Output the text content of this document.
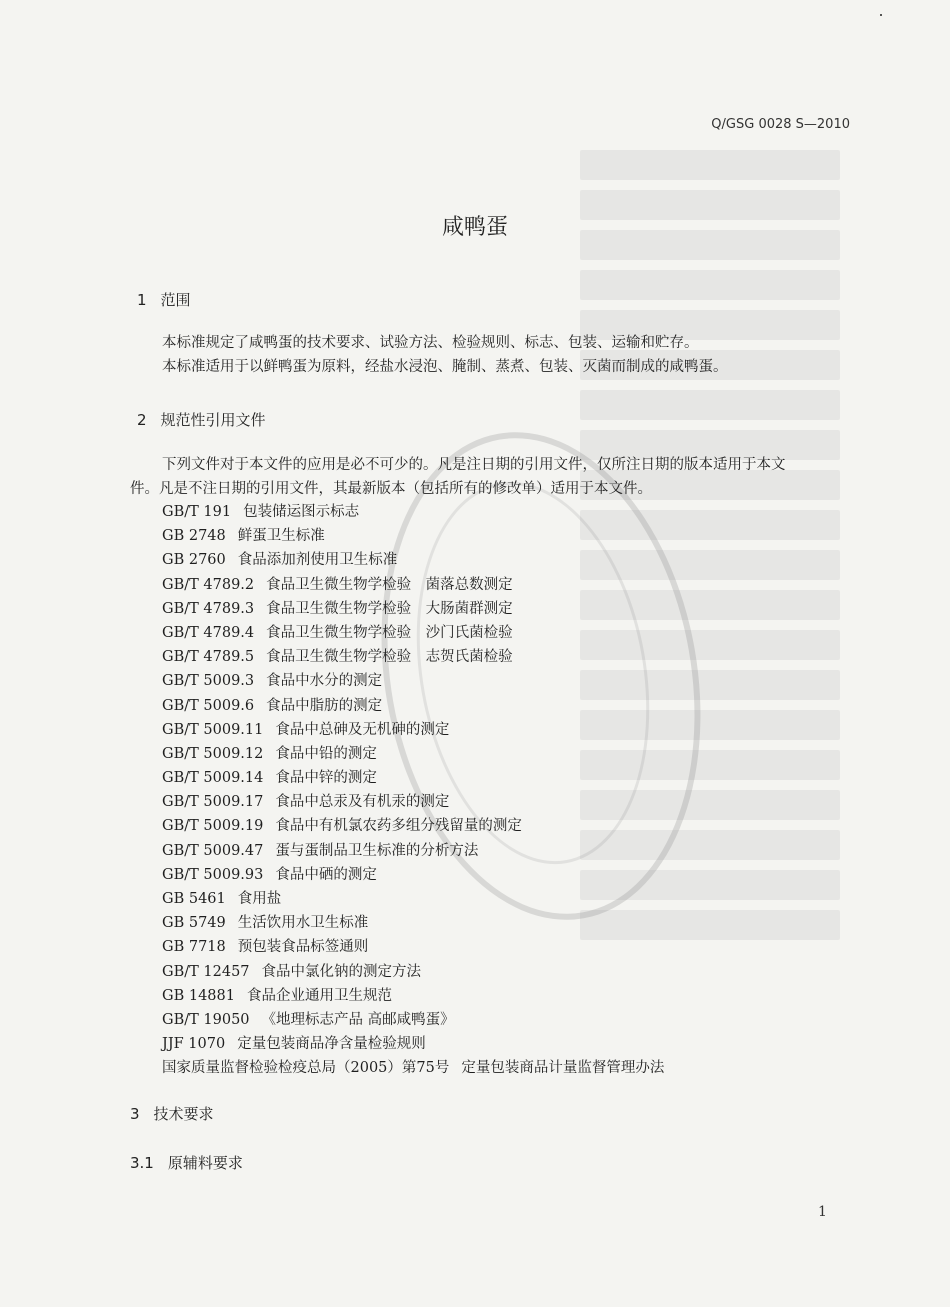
Q/GSG 0028 S—2010
咸鸭蛋
1 范围
本标准规定了咸鸭蛋的技术要求、试验方法、检验规则、标志、包装、运输和贮存。
本标准适用于以鲜鸭蛋为原料，经盐水浸泡、腌制、蒸煮、包装、灭菌而制成的咸鸭蛋。
2 规范性引用文件
下列文件对于本文件的应用是必不可少的。凡是注日期的引用文件，仅所注日期的版本适用于本文
件。凡是不注日期的引用文件，其最新版本（包括所有的修改单）适用于本文件。
GB/T 191 包装储运图示标志
GB 2748 鲜蛋卫生标准
GB 2760 食品添加剂使用卫生标准
GB/T 4789.2 食品卫生微生物学检验　菌落总数测定
GB/T 4789.3 食品卫生微生物学检验　大肠菌群测定
GB/T 4789.4 食品卫生微生物学检验　沙门氏菌检验
GB/T 4789.5 食品卫生微生物学检验　志贺氏菌检验
GB/T 5009.3 食品中水分的测定
GB/T 5009.6 食品中脂肪的测定
GB/T 5009.11 食品中总砷及无机砷的测定
GB/T 5009.12 食品中铅的测定
GB/T 5009.14 食品中锌的测定
GB/T 5009.17 食品中总汞及有机汞的测定
GB/T 5009.19 食品中有机氯农药多组分残留量的测定
GB/T 5009.47 蛋与蛋制品卫生标准的分析方法
GB/T 5009.93 食品中硒的测定
GB 5461 食用盐
GB 5749 生活饮用水卫生标准
GB 7718 预包装食品标签通则
GB/T 12457 食品中氯化钠的测定方法
GB 14881 食品企业通用卫生规范
GB/T 19050 《地理标志产品 高邮咸鸭蛋》
JJF 1070 定量包装商品净含量检验规则
国家质量监督检验检疫总局（2005）第75号 定量包装商品计量监督管理办法
3 技术要求
3.1 原辅料要求
1
